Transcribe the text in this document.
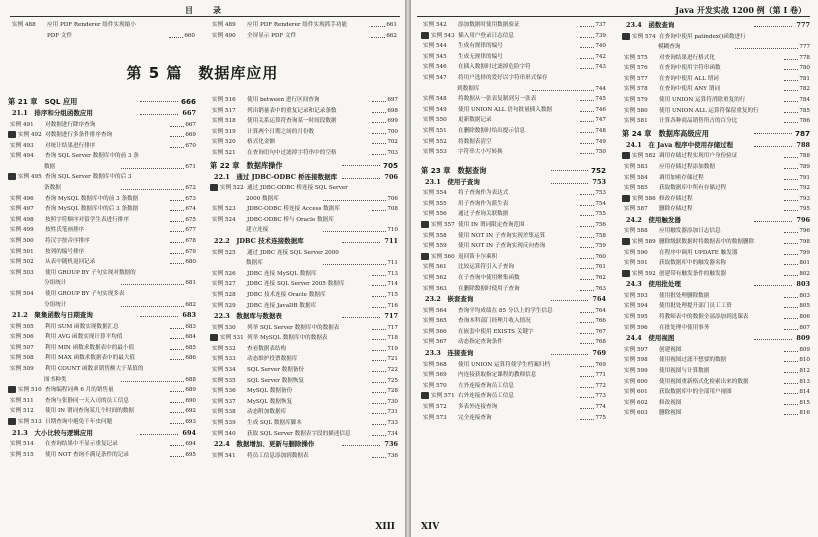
目　录
实例 488	应用 PDF Renderer 组件实现缩小
PDF 文件	660
实例 489	应用 PDF Renderer 组件实现抓手功能	661
实例 490	全屏显示 PDF 文件	662
第 5 篇　数据库应用
第 21 章　SQL 应用	666
21.1　排序和分组函数应用	667
实例 491	对数据进行降序查询	667
实例 492 对数据进行多条件排序查询	669
实例 493	对统计结果进行排序	670
实例 494	查询 SQL Server 数据库中的前 3 条
数据	671
实例 495 查询 SQL Server 数据库中的后 3
条数据	672
实例 496	查询 MySQL 数据库中的前 3 条数据	673
实例 497	查询 MySQL 数据库中的后 3 条数据	674
实例 498	按照字符顺序对留学生表进行排序	675
实例 499	按姓氏笔画排序	677
实例 500	将汉字按音序排序	678
实例 501	按列的编号排序	679
实例 502	从表中随机返回记录	680
实例 503	使用 GROUP BY 子句实现对数据的
分组统计	681
实例 504	使用 GROUP BY 子句实现多表
分组统计	682
21.2　聚集函数与日期查询	683
实例 505	利用 SUM 函数实现数据汇总	683
实例 506	利用 AVG 函数实现计算平均值	684
实例 507	利用 MIN 函数求数据表中的最小值	685
实例 508	利用 MAX 函数求数据表中的最大值	686
实例 509	利用 COUNT 函数求销售额大于某值的
图书种类	688
实例 510 查询编程词典 6 月的销售量	689
实例 511	查询与张静同一天入司的员工信息	690
实例 512	使用 IN 谓词查询某几个时间的数据	692
实例 513 日期查询中避免千年虫问题	693
21.3　大小比较与逻辑应用	694
实例 514	在查询结果中不显示重复记录	694
实例 515	使用 NOT 查询不满足条件的记录	695
实例 516	使用 between 进行区间查询	697
实例 517	列出销量表中的重复记录和记录条数	698
实例 518	使用关系运算符查询某一时间段数据	699
实例 519	计算两个日期之间的月份数	700
实例 520	格式化金额	702
实例 521	在查询语句中过滤掉字符串中的空格	703
第 22 章　数据库操作	705
22.1　通过 JDBC-ODBC 桥连接数据库	706
实例 522 通过 JDBC-ODBC 桥连接 SQL Server
2000 数据库	706
实例 523	JDBC-ODBC 桥连接 Access 数据库	708
实例 524	JDBC-ODBC 桥与 Oracle 数据库
建立连接	710
22.2　JDBC 技术连接数据库	711
实例 525	通过 JDBC 连接 SQL Server 2000
数据库	711
实例 526	JDBC 连接 MySQL 数据库	713
实例 527	JDBC 连接 SQL Server 2005 数据库	714
实例 528	JDBC 技术连接 Oracle 数据库	715
实例 529	JDBC 连接 JavaDB 数据库	716
22.3　数据库与数据表	717
实例 530	列举 SQL Server 数据库中的数据表	717
实例 531 列举 MySQL 数据库中的数据表	718
实例 532	查看数据表结构	719
实例 533	动态维护投票数据库	721
实例 534	SQL Server 数据备份	722
实例 535	SQL Server 数据恢复	725
实例 536	MySQL 数据备份	728
实例 537	MySQL 数据恢复	730
实例 538	动态附加数据库	731
实例 539	生成 SQL 数据库脚本	733
实例 540	获取 SQL Server 数据表字段的描述信息	734
22.4　数据增加、更新与删除操作	736
实例 541	将员工信息添加到数据表	736
XIII
Java 开发实战 1200 例（第 I 卷）
实例 542	添加数据时使用数据验证	737
实例 543 插入用户登录日志信息	739
实例 544	生成有规律的编号	740
实例 545	生成无规律的编号	742
实例 546	在插入数据时过滤掉危险字符	743
实例 547	将用户选择的爱好以字符串形式保存
到数据库	744
实例 548	将数据从一张表复制到另一张表	745
实例 549	使用 UNION ALL 语句批量插入数据	746
实例 550	更新数据记录	747
实例 551	在删除数据时给出提示信息	748
实例 552	将数据表清空	749
实例 553	字符串大小写转换	750
第 23 章　数据查询	752
23.1　使用子查询	753
实例 554	将子查询作为表达式	753
实例 555	用子查询作为派生表	754
实例 556	通过子查询关联数据	755
实例 557 使用 IN 谓词限定查询范围	756
实例 558	使用 NOT IN 子查询实现差集运算	758
实例 559	使用 NOT IN 子查询实现反向查询	759
实例 560 返回笛卡尔乘积	760
实例 561	比较运算符引入子查询	761
实例 562	在子查询中使用聚集函数	762
实例 563	在删除数据时使用子查询	763
23.2　嵌套查询	764
实例 564	查询平均成绩在 85 分以上的学生信息	764
实例 565	查询本科部门经理月收入情况	766
实例 566	在嵌套中使用 EXISTS 关键字	767
实例 567	动态指定查询条件	768
23.3　连接查询	769
实例 568	使用 UNION 运算符使学生档案归档	769
实例 569	内连接获取指定课程的教师信息	771
实例 570	左外连接查询员工信息	772
实例 571 右外连接查询员工信息	773
实例 572	多表外连接查询	774
实例 573	完全连接查询	775
23.4　函数查询	777
实例 574 在查询中使用 patindex()函数进行
模糊查询	777
实例 575	对查询结果进行格式化	778
实例 576	在查询中使用字符串函数	780
实例 577	在查询中使用 ALL 谓词	781
实例 578	在查询中使用 ANY 谓词	782
实例 579	使用 UNION 运算符消除重复的行	784
实例 580	使用 UNION ALL 运算符保留重复的行	785
实例 581	计算各种商品销售所占的百分比	786
第 24 章　数据库高级应用	787
24.1　在 Java 程序中使用存储过程	788
实例 582 调用存储过程实现用户身份验证	788
实例 583	应用存储过程添加数据	789
实例 584	调用加密存储过程	791
实例 585	获取数据库中所有存储过程	792
实例 586 修改存储过程	793
实例 587	删除存储过程	795
24.2　使用触发器	796
实例 588	应用触发器添加日志信息	796
实例 589 删除级联数据时将数据表中的数据删除	798
实例 590	在程序中调用 UPDATE 触发器	799
实例 591	获取数据库中的触发器名称	801
实例 592 创建带有触发条件的触发器	802
24.3　使用批处理	803
实例 593	使用批处理删除数据	803
实例 594	使用批处理提升部门员工工资	805
实例 595	将教师表中的数据全部添加到选课表	806
实例 596	在批处理中使用事务	807
24.4　使用视图	809
实例 597	创建视图	809
实例 598	使用视图过滤不想要的数据	810
实例 599	使用视图与计算数据	812
实例 600	使用视图重新格式化检索出来的数据	813
实例 601	获取数据库中的全部用户视图	814
实例 602	修改视图	815
实例 603	删除视图	816
XIV
